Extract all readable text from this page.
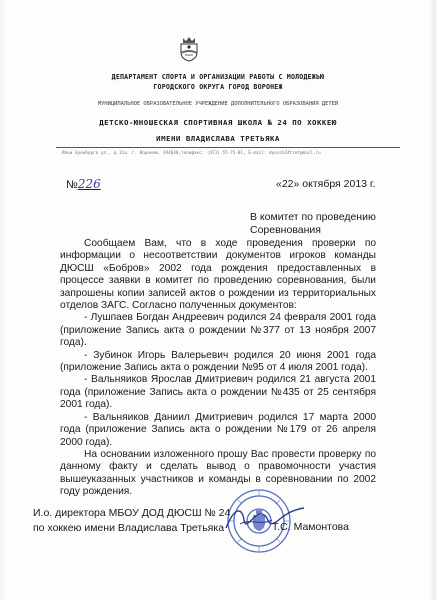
ДЕПАРТАМЕНТ СПОРТА И ОРГАНИЗАЦИИ РАБОТЫ С МОЛОДЕЖЬЮ
ГОРОДСКОГО ОКРУГА ГОРОД ВОРОНЕЖ
МУНИЦИПАЛЬНОЕ ОБРАЗОВАТЕЛЬНОЕ УЧРЕЖДЕНИЕ ДОПОЛНИТЕЛЬНОГО ОБРАЗОВАНИЯ ДЕТЕЙ
ДЕТСКО-ЮНОШЕСКАЯ СПОРТИВНАЯ ШКОЛА № 24 ПО ХОККЕЮ
ИМЕНИ ВЛАДИСЛАВА ТРЕТЬЯКА
Ильи Эренбурга ул., д.11а, г. Воронеж, 394030,телефакс: (473) 55-75-01, E-mail: dyussh24tret@mail.ru
№226	«22» октября 2013 г.
В комитет по проведению
Соревнования

Сообщаем Вам, что в ходе проведения проверки по информации о несоответствии документов игроков команды ДЮСШ «Бобров» 2002 года рождения предоставленных в процессе заявки в комитет по проведению соревнования, были запрошены копии записей актов о рождении из территориальных отделов ЗАГС. Согласно полученных документов:

- Лушпаев Богдан Андреевич родился 24 февраля 2001 года (приложение Запись акта о рождении №377 от 13 ноября 2007 года).

- Зубинок Игорь Валерьевич родился 20 июня 2001 года (приложение Запись акта о рождении №95 от 4 июля 2001 года).

- Вальняиков Ярослав Дмитриевич родился 21 августа 2001 года (приложение Запись акта о рождении №435 от 25 сентября 2001 года).

- Вальняиков Даниил Дмитриевич родился 17 марта 2000 года (приложение Запись акта о рождении №179 от 26 апреля 2000 года).

На основании изложенного прошу Вас провести проверку по данному факту и сделать вывод о правомочности участия вышеуказанных участников и команды в соревновании по 2002 году рождения.

И.о. директора МБОУ ДОД ДЮСШ № 24
по хоккею имени Владислава Третьяка	Т.С. Мамонтова
